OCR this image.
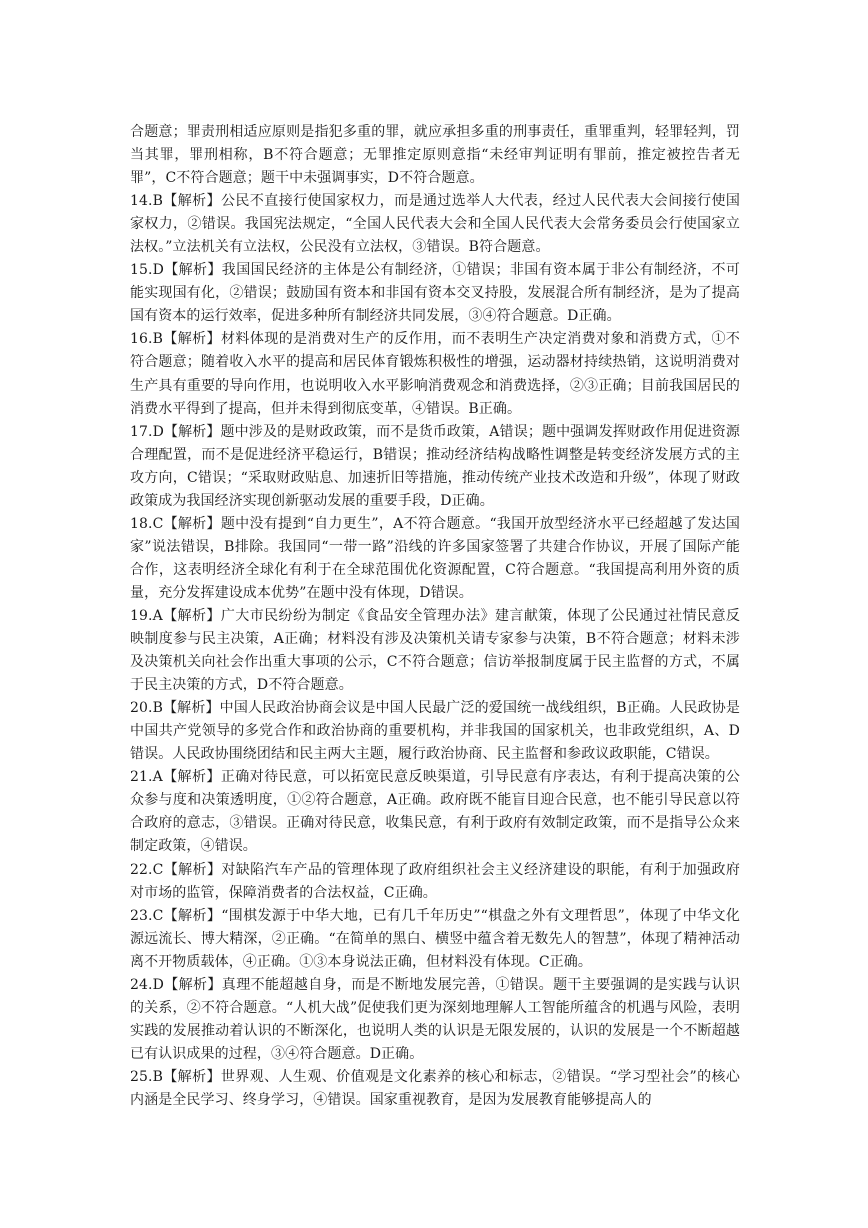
合题意；罪责刑相适应原则是指犯多重的罪，就应承担多重的刑事责任，重罪重判，轻罪轻判，罚当其罪，罪刑相称，B不符合题意；无罪推定原则意指“未经审判证明有罪前，推定被控告者无罪”，C不符合题意；题干中未强调事实，D不符合题意。

14.B【解析】公民不直接行使国家权力，而是通过选举人大代表，经过人民代表大会间接行使国家权力，②错误。我国宪法规定，“全国人民代表大会和全国人民代表大会常务委员会行使国家立法权。”立法机关有立法权，公民没有立法权，③错误。B符合题意。

15.D【解析】我国国民经济的主体是公有制经济，①错误；非国有资本属于非公有制经济，不可能实现国有化，②错误；鼓励国有资本和非国有资本交叉持股，发展混合所有制经济，是为了提高国有资本的运行效率，促进多种所有制经济共同发展，③④符合题意。D正确。

16.B【解析】材料体现的是消费对生产的反作用，而不表明生产决定消费对象和消费方式，①不符合题意；随着收入水平的提高和居民体育锻炼积极性的增强，运动器材持续热销，这说明消费对生产具有重要的导向作用，也说明收入水平影响消费观念和消费选择，②③正确；目前我国居民的消费水平得到了提高，但并未得到彻底变革，④错误。B正确。

17.D【解析】题中涉及的是财政政策，而不是货币政策，A错误；题中强调发挥财政作用促进资源合理配置，而不是促进经济平稳运行，B错误；推动经济结构战略性调整是转变经济发展方式的主攻方向，C错误；“采取财政贴息、加速折旧等措施，推动传统产业技术改造和升级”，体现了财政政策成为我国经济实现创新驱动发展的重要手段，D正确。

18.C【解析】题中没有提到“自力更生”，A不符合题意。“我国开放型经济水平已经超越了发达国家”说法错误，B排除。我国同“一带一路”沿线的许多国家签署了共建合作协议，开展了国际产能合作，这表明经济全球化有利于在全球范围优化资源配置，C符合题意。“我国提高利用外资的质量，充分发挥建设成本优势”在题中没有体现，D错误。

19.A【解析】广大市民纷纷为制定《食品安全管理办法》建言献策，体现了公民通过社情民意反映制度参与民主决策，A正确；材料没有涉及决策机关请专家参与决策，B不符合题意；材料未涉及决策机关向社会作出重大事项的公示，C不符合题意；信访举报制度属于民主监督的方式，不属于民主决策的方式，D不符合题意。

20.B【解析】中国人民政治协商会议是中国人民最广泛的爱国统一战线组织，B正确。人民政协是中国共产党领导的多党合作和政治协商的重要机构，并非我国的国家机关，也非政党组织，A、D错误。人民政协围绕团结和民主两大主题，履行政治协商、民主监督和参政议政职能，C错误。

21.A【解析】正确对待民意，可以拓宽民意反映渠道，引导民意有序表达，有利于提高决策的公众参与度和决策透明度，①②符合题意，A正确。政府既不能盲目迎合民意，也不能引导民意以符合政府的意志，③错误。正确对待民意，收集民意，有利于政府有效制定政策，而不是指导公众来制定政策，④错误。

22.C【解析】对缺陷汽车产品的管理体现了政府组织社会主义经济建设的职能，有利于加强政府对市场的监管，保障消费者的合法权益，C正确。

23.C【解析】“围棋发源于中华大地，已有几千年历史”“棋盘之外有文理哲思”，体现了中华文化源远流长、博大精深，②正确。“在简单的黑白、横竖中蕴含着无数先人的智慧”，体现了精神活动离不开物质载体，④正确。①③本身说法正确，但材料没有体现。C正确。

24.D【解析】真理不能超越自身，而是不断地发展完善，①错误。题干主要强调的是实践与认识的关系，②不符合题意。“人机大战”促使我们更为深刻地理解人工智能所蕴含的机遇与风险，表明实践的发展推动着认识的不断深化，也说明人类的认识是无限发展的，认识的发展是一个不断超越已有认识成果的过程，③④符合题意。D正确。

25.B【解析】世界观、人生观、价值观是文化素养的核心和标志，②错误。“学习型社会”的核心内涵是全民学习、终身学习，④错误。国家重视教育，是因为发展教育能够提高人的
